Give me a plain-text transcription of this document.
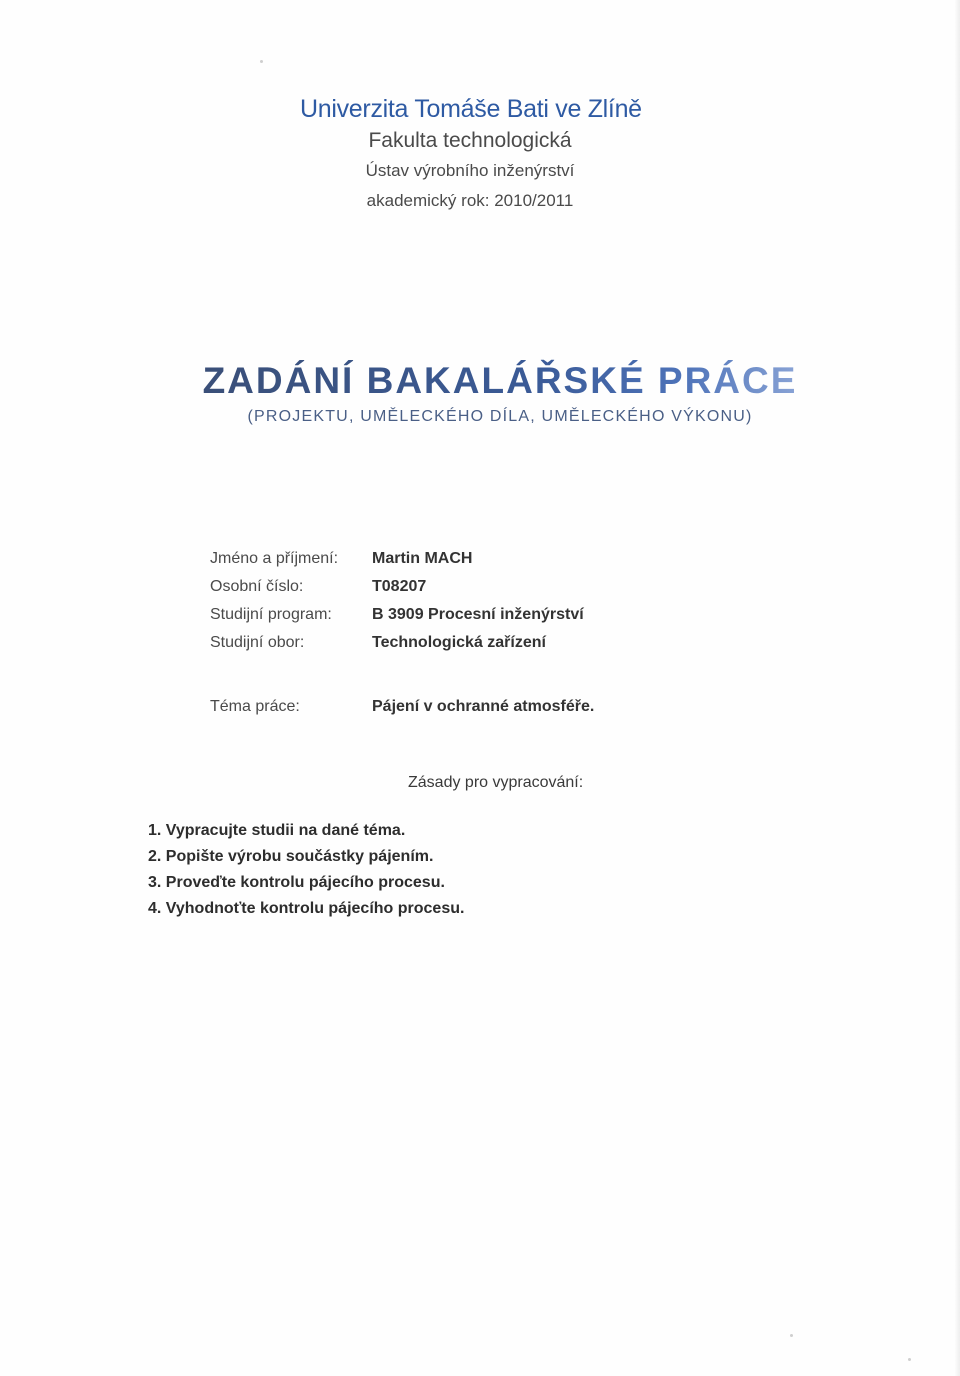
Univerzita Tomáše Bati ve Zlíně
Fakulta technologická
Ústav výrobního inženýrství
akademický rok: 2010/2011
ZADÁNÍ BAKALÁŘSKÉ PRÁCE
(PROJEKTU, UMĚLECKÉHO DÍLA, UMĚLECKÉHO VÝKONU)
Jméno a příjmení:	Martin MACH
Osobní číslo:	T08207
Studijní program:	B 3909 Procesní inženýrství
Studijní obor:	Technologická zařízení
Téma práce:	Pájení v ochranné atmosféře.
Zásady pro vypracování:
1. Vypracujte studii na dané téma.
2. Popište výrobu součástky pájením.
3. Proveďte kontrolu pájecího procesu.
4. Vyhodnoťte kontrolu pájecího procesu.
